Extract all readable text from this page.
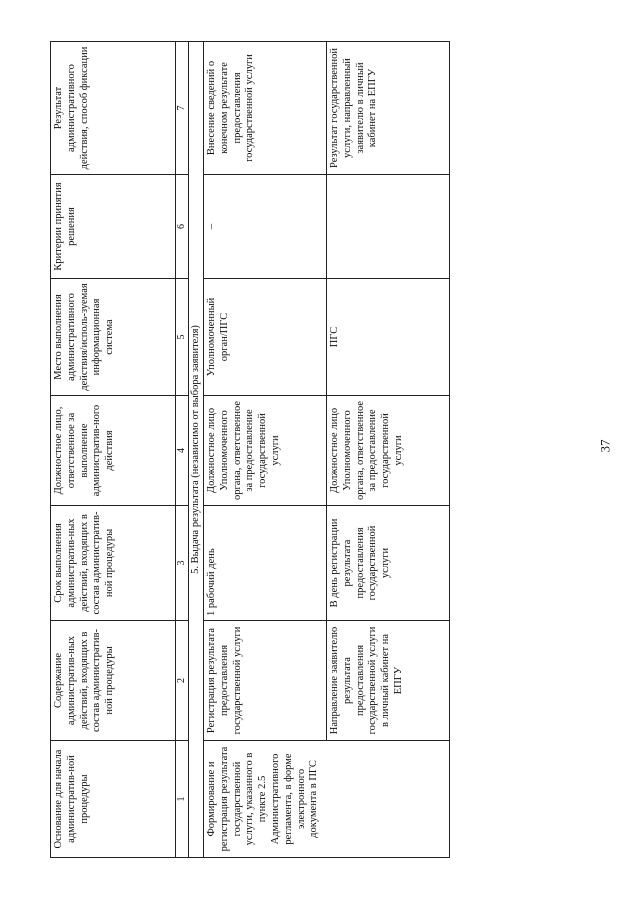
37
Основание для начала административ-ной процедуры	Содержание административ-ных действий, входящих в состав административ-ной процедуры	Срок выполнения административ-ных действий, входящих в состав административ-ной процедуры	Должностное лицо, ответственное за выполнение административ-ного действия	Место выполнения административного действия/исполь-зуемая информационная система	Критерии принятия решения	Результат административного действия, способ фиксации
1	2	3	4	5	6	7
5. Выдача результата (независимо от выбора заявителя)						
Формирование и регистрация результата государственной услуги, указанного в пункте 2.5 Административного регламента, в форме электронного документа в ПГС	Регистрация результата предоставления государственной услуги	1 рабочий день	Должностное лицо Уполномоченного органа, ответственное за предоставление государственной услуги	Уполномоченный орган/ПГС	–	Внесение сведений о конечном результате предоставления государственной услуги
	Направление заявителю результата предоставления государственной услуги в личный кабинет на ЕПГУ	В день регистрации результата предоставления государственной услуги	Должностное лицо Уполномоченного органа, ответственное за предоставление государственной услуги	ПГС		Результат государственной услуги, направленный заявителю в личный кабинет на ЕПГУ
